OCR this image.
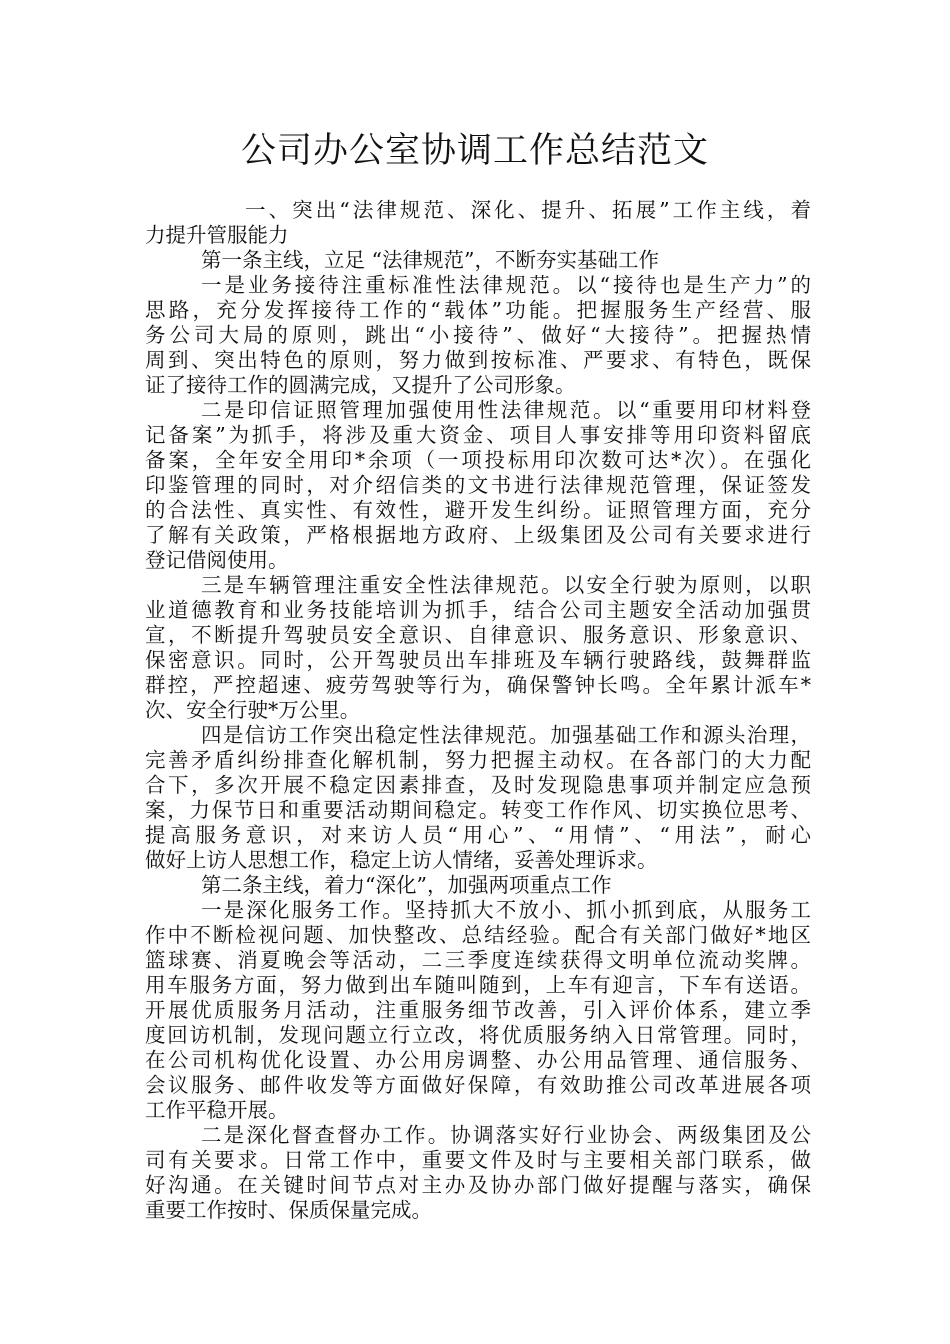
公司办公室协调工作总结范文
一、突出“法律规范、深化、提升、拓展”工作主线，着
力提升管服能力
第一条主线，立足 “法律规范”，不断夯实基础工作
一是业务接待注重标准性法律规范。以“接待也是生产力”的
思路，充分发挥接待工作的“载体”功能。把握服务生产经营、服
务公司大局的原则，跳出“小接待”、做好“大接待”。把握热情
周到、突出特色的原则，努力做到按标准、严要求、有特色，既保
证了接待工作的圆满完成，又提升了公司形象。
二是印信证照管理加强使用性法律规范。以“重要用印材料登
记备案”为抓手，将涉及重大资金、项目人事安排等用印资料留底
备案，全年安全用印*余项（一项投标用印次数可达*次）。在强化
印鉴管理的同时，对介绍信类的文书进行法律规范管理，保证签发
的合法性、真实性、有效性，避开发生纠纷。证照管理方面，充分
了解有关政策，严格根据地方政府、上级集团及公司有关要求进行
登记借阅使用。
三是车辆管理注重安全性法律规范。以安全行驶为原则，以职
业道德教育和业务技能培训为抓手，结合公司主题安全活动加强贯
宣，不断提升驾驶员安全意识、自律意识、服务意识、形象意识、
保密意识。同时，公开驾驶员出车排班及车辆行驶路线，鼓舞群监
群控，严控超速、疲劳驾驶等行为，确保警钟长鸣。全年累计派车*
次、安全行驶*万公里。
四是信访工作突出稳定性法律规范。加强基础工作和源头治理，
完善矛盾纠纷排查化解机制，努力把握主动权。在各部门的大力配
合下，多次开展不稳定因素排查，及时发现隐患事项并制定应急预
案，力保节日和重要活动期间稳定。转变工作作风、切实换位思考、
提高服务意识，对来访人员“用心”、“用情”、“用法”，耐心
做好上访人思想工作，稳定上访人情绪，妥善处理诉求。
第二条主线，着力“深化”，加强两项重点工作
一是深化服务工作。坚持抓大不放小、抓小抓到底，从服务工
作中不断检视问题、加快整改、总结经验。配合有关部门做好*地区
篮球赛、消夏晚会等活动，二三季度连续获得文明单位流动奖牌。
用车服务方面，努力做到出车随叫随到，上车有迎言，下车有送语。
开展优质服务月活动，注重服务细节改善，引入评价体系，建立季
度回访机制，发现问题立行立改，将优质服务纳入日常管理。同时，
在公司机构优化设置、办公用房调整、办公用品管理、通信服务、
会议服务、邮件收发等方面做好保障，有效助推公司改革进展各项
工作平稳开展。
二是深化督查督办工作。协调落实好行业协会、两级集团及公
司有关要求。日常工作中，重要文件及时与主要相关部门联系，做
好沟通。在关键时间节点对主办及协办部门做好提醒与落实，确保
重要工作按时、保质保量完成。
